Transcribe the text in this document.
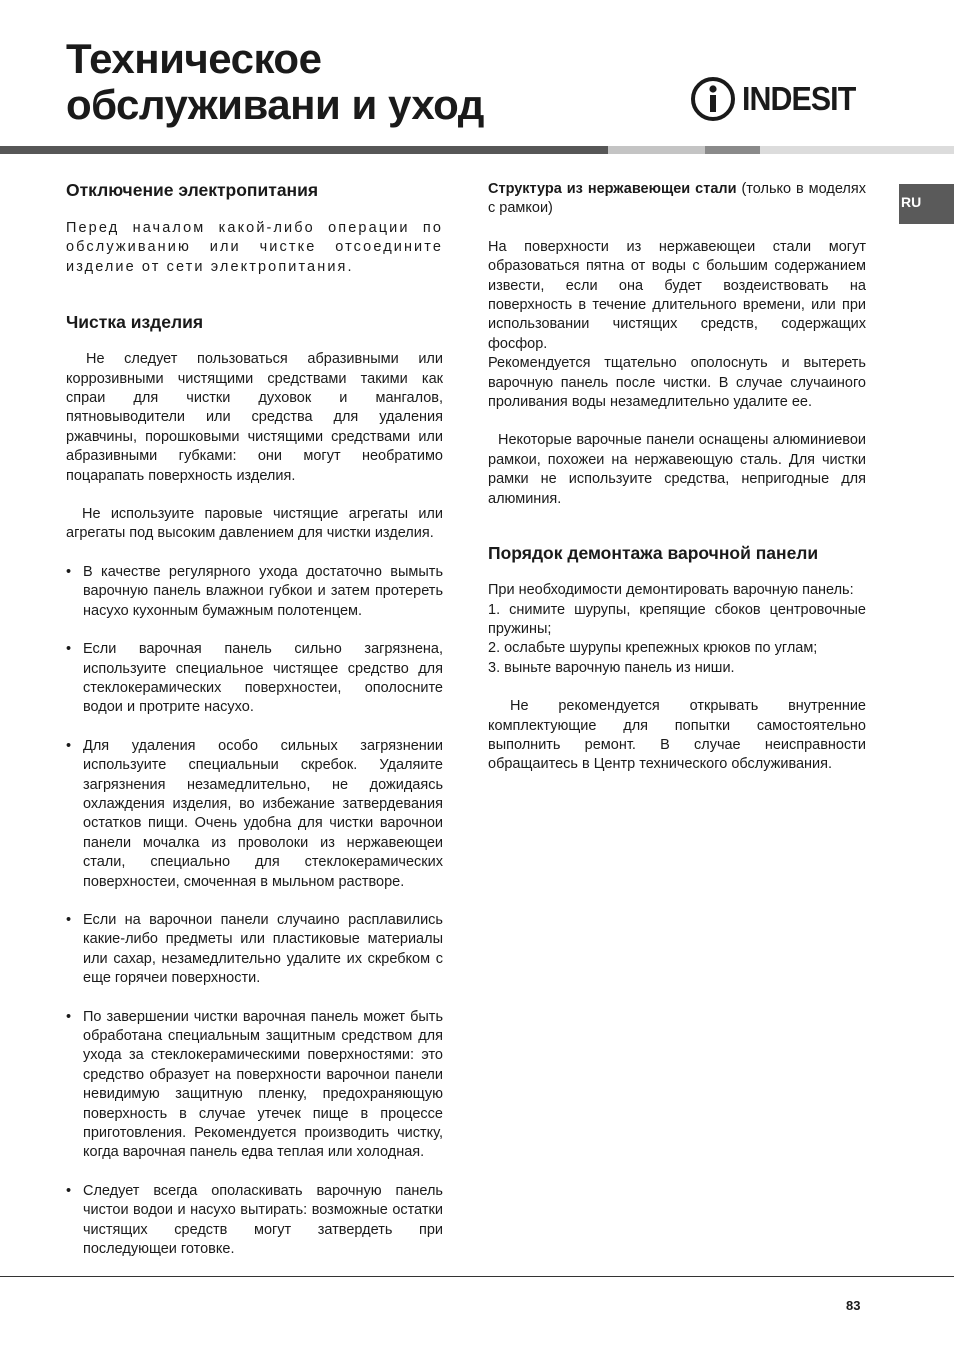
Техническое
обслуживани и уход	INDESIT
RU
Отключение электропитания

Перед началом какой-либо операции по обслуживанию или чистке отсоедините изделие от сети электропитания.

Чистка изделия

Не следует пользоваться абразивными или коррозивными чистящими средствами такими как спраи для чистки духовок и мангалов, пятновыводители или средства для удаления ржавчины, порошковыми чистящими средствами или абразивными губками: они могут необратимо поцарапать поверхность изделия.

Не используите паровые чистящие агрегаты или агрегаты под высоким давлением для чистки изделия.

• В качестве регулярного ухода достаточно вымыть варочную панель влажнои губкои и затем протереть насухо кухонным бумажным полотенцем.
• Если варочная панель сильно загрязнена, используите специальное чистящее средство для стеклокерамических поверхностеи, ополосните водои и протрите насухо.
• Для удаления особо сильных загрязнении используите специальныи скребок. Удаляите загрязнения незамедлительно, не дожидаясь охлаждения изделия, во избежание затвердевания остатков пищи. Очень удобна для чистки варочнои панели мочалка из проволоки из нержавеющеи стали, специально для стеклокерамических поверхностеи, смоченная в мыльном растворе.
• Если на варочнои панели случаино расплавились какие-либо предметы или пластиковые материалы или сахар, незамедлительно удалите их скребком с еще горячеи поверхности.
• По завершении чистки варочная панель может быть обработана специальным защитным средством для ухода за стеклокерамическими поверхностями: это средство образует на поверхности варочнои панели невидимую защитную пленку, предохраняющую поверхность в случае утечек пище в процессе приготовления. Рекомендуется производить чистку, когда варочная панель едва теплая или холодная.
• Следует всегда ополаскивать варочную панель чистои водои и насухо вытирать: возможные остатки чистящих средств могут затвердеть при последующеи готовке.

Структура из нержавеющеи стали (только в моделях с рамкои)

На поверхности из нержавеющеи стали могут образоваться пятна от воды с большим содержанием извести, если она будет воздеиствовать на поверхность в течение длительного времени, или при использовании чистящих средств, содержащих фосфор.

Рекомендуется тщательно ополоснуть и вытереть варочную панель после чистки. В случае случаиного проливания воды незамедлительно удалите ее.

Некоторые варочные панели оснащены алюминиевои рамкои, похожеи на нержавеющую сталь. Для чистки рамки не используите средства, непригодные для алюминия.

Порядок демонтажа варочной панели

При необходимости демонтировать варочную панель:

1. снимите шурупы, крепящие сбоков центровочные пружины;

2. ослабьте шурупы крепежных крюков по углам;

3. выньте варочную панель из ниши.

Не рекомендуется открывать внутренние комплектующие для попытки самостоятельно выполнить ремонт. В случае неисправности обращаитесь в Центр технического обслуживания.

83
